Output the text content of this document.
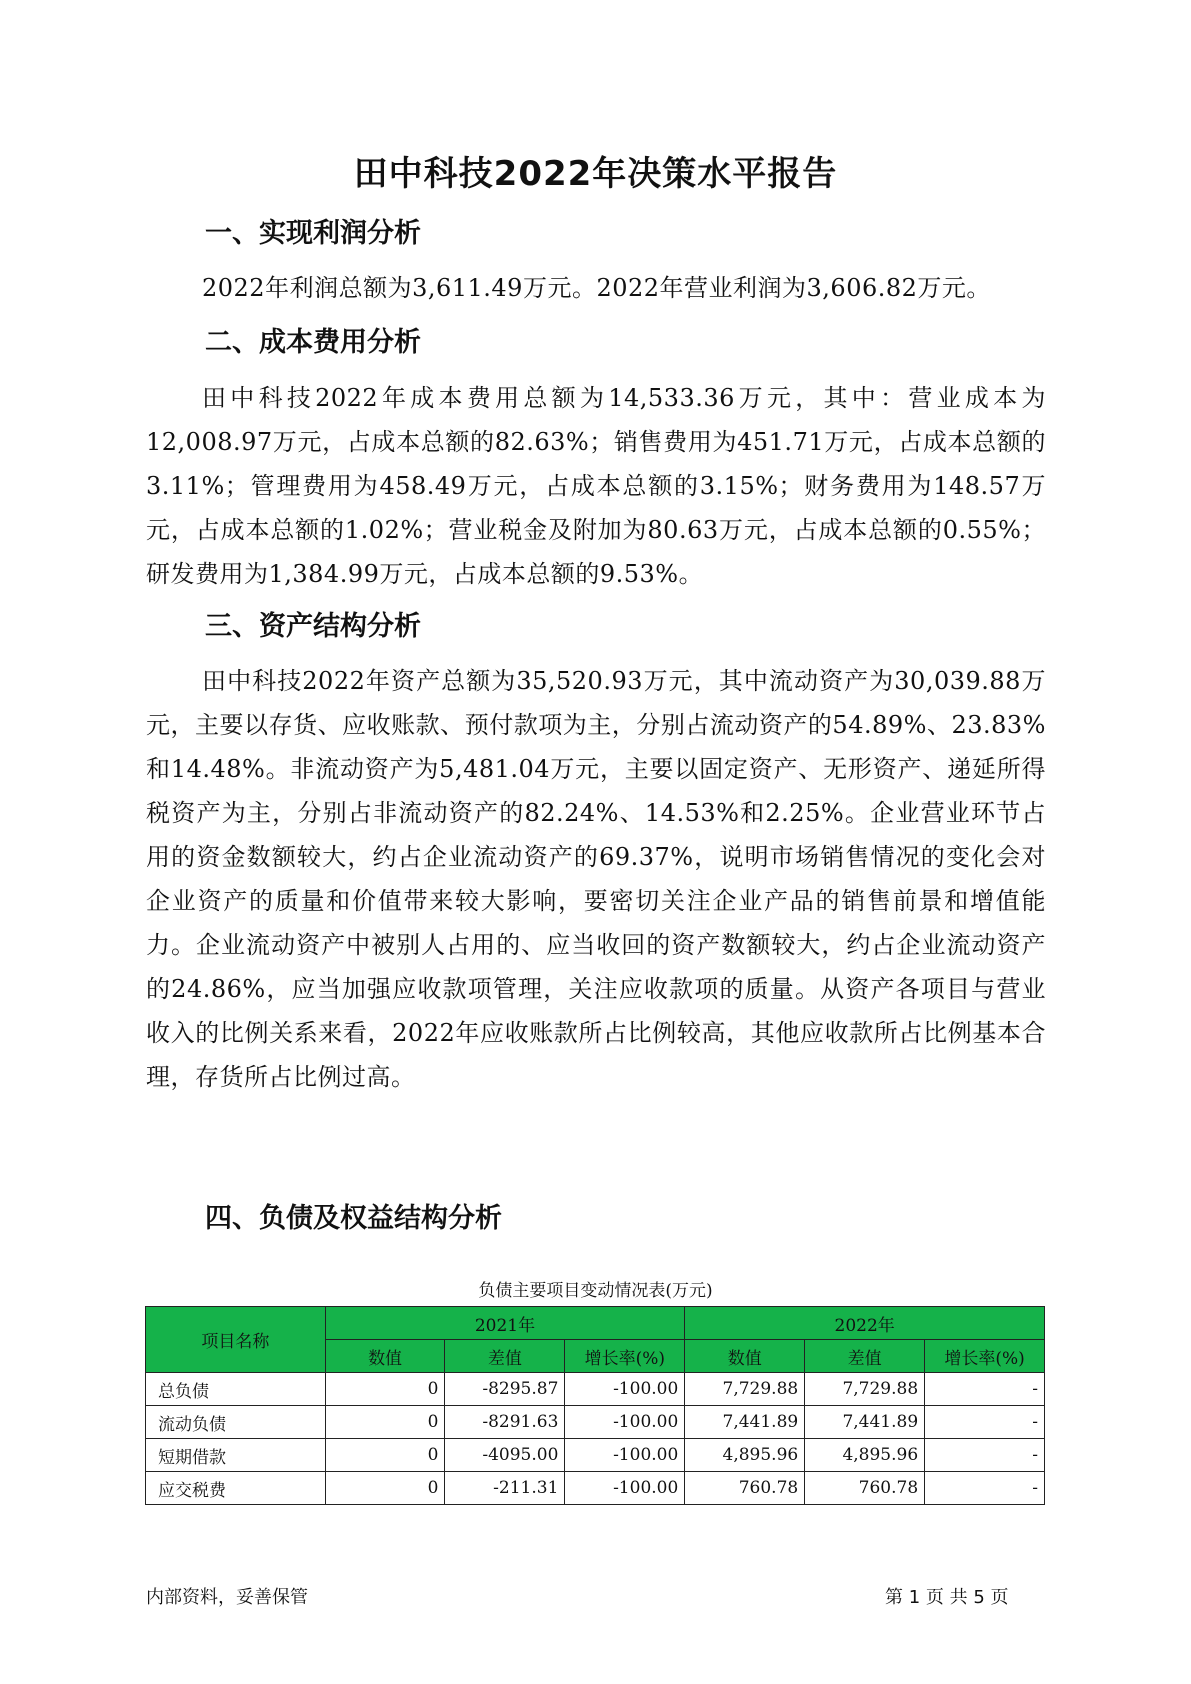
田中科技2022年决策水平报告
一、实现利润分析

2022年利润总额为3,611.49万元。2022年营业利润为3,606.82万元。

二、成本费用分析

田中科技2022年成本费用总额为14,533.36万元，其中：营业成本为12,008.97万元，占成本总额的82.63%；销售费用为451.71万元，占成本总额的3.11%；管理费用为458.49万元，占成本总额的3.15%；财务费用为148.57万元，占成本总额的1.02%；营业税金及附加为80.63万元，占成本总额的0.55%；研发费用为1,384.99万元，占成本总额的9.53%。

三、资产结构分析

田中科技2022年资产总额为35,520.93万元，其中流动资产为30,039.88万元，主要以存货、应收账款、预付款项为主，分别占流动资产的54.89%、23.83%和14.48%。非流动资产为5,481.04万元，主要以固定资产、无形资产、递延所得税资产为主，分别占非流动资产的82.24%、14.53%和2.25%。企业营业环节占用的资金数额较大，约占企业流动资产的69.37%，说明市场销售情况的变化会对企业资产的质量和价值带来较大影响，要密切关注企业产品的销售前景和增值能力。企业流动资产中被别人占用的、应当收回的资产数额较大，约占企业流动资产的24.86%，应当加强应收款项管理，关注应收款项的质量。从资产各项目与营业收入的比例关系来看，2022年应收账款所占比例较高，其他应收款所占比例基本合理，存货所占比例过高。

四、负债及权益结构分析
负债主要项目变动情况表(万元)
项目名称	2021年			2022年		
	数值	差值	增长率(%)	数值	差值	增长率(%)
总负债	0	-8295.87	-100.00	7,729.88	7,729.88	-
流动负债	0	-8291.63	-100.00	7,441.89	7,441.89	-
短期借款	0	-4095.00	-100.00	4,895.96	4,895.96	-
应交税费	0	-211.31	-100.00	760.78	760.78	-
内部资料，妥善保管	第 1 页 共 5 页
